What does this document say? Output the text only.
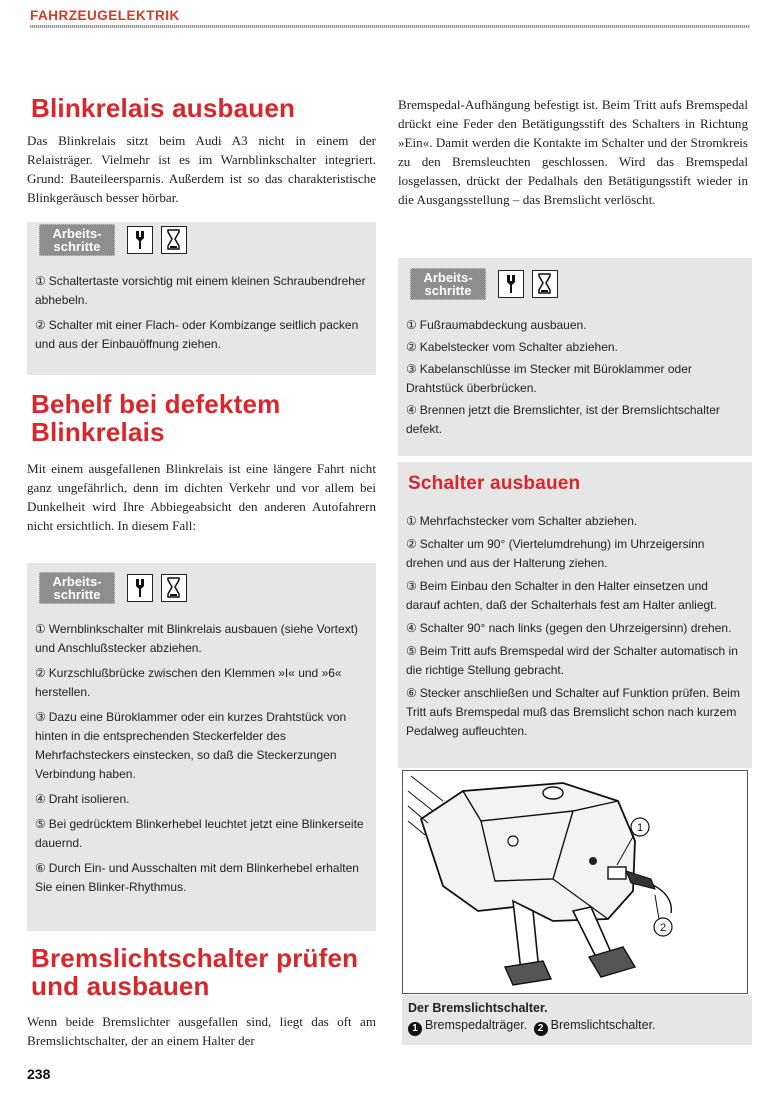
FAHRZEUGELEKTRIK
Blinkrelais ausbauen

Das Blinkrelais sitzt beim Audi A3 nicht in einem der Relaisträger. Vielmehr ist es im Warnblinkschalter integriert. Grund: Bauteileersparnis. Außerdem ist so das charakteristische Blinkgeräusch besser hörbar.

Arbeits-
schritte

① Schaltertaste vorsichtig mit einem kleinen Schraubendreher abhebeln.

② Schalter mit einer Flach- oder Kombizange seitlich packen und aus der Einbauöffnung ziehen.

Behelf bei defektem
Blinkrelais

Mit einem ausgefallenen Blinkrelais ist eine längere Fahrt nicht ganz ungefährlich, denn im dichten Verkehr und vor allem bei Dunkelheit wird Ihre Abbiegeabsicht den anderen Autofahrern nicht ersichtlich. In diesem Fall:

Arbeits-
schritte

① Wernblinkschalter mit Blinkrelais ausbauen (siehe Vortext) und Anschlußstecker abziehen.

② Kurzschlußbrücke zwischen den Klemmen »I« und »6« herstellen.

③ Dazu eine Büroklammer oder ein kurzes Drahtstück von hinten in die entsprechenden Steckerfelder des Mehrfachsteckers einstecken, so daß die Steckerzungen Verbindung haben.

④ Draht isolieren.

⑤ Bei gedrücktem Blinkerhebel leuchtet jetzt eine Blinkerseite dauernd.

⑥ Durch Ein- und Ausschalten mit dem Blinkerhebel erhalten Sie einen Blinker-Rhythmus.

Bremslichtschalter prüfen
und ausbauen

Wenn beide Bremslichter ausgefallen sind, liegt das oft am Bremslichtschalter, der an einem Halter der

Bremspedal-Aufhängung befestigt ist. Beim Tritt aufs Bremspedal drückt eine Feder den Betätigungsstift des Schalters in Richtung »Ein«. Damit werden die Kontakte im Schalter und der Stromkreis zu den Bremsleuchten geschlossen. Wird das Bremspedal losgelassen, drückt der Pedalhals den Betätigungsstift wieder in die Ausgangsstellung – das Bremslicht verlöscht.

Arbeits-
schritte

① Fußraumabdeckung ausbauen.

② Kabelstecker vom Schalter abziehen.

③ Kabelanschlüsse im Stecker mit Büroklammer oder Drahtstück überbrücken.

④ Brennen jetzt die Bremslichter, ist der Bremslichtschalter defekt.

Schalter ausbauen

① Mehrfachstecker vom Schalter abziehen.

② Schalter um 90° (Viertelumdrehung) im Uhrzeigersinn drehen und aus der Halterung ziehen.

③ Beim Einbau den Schalter in den Halter einsetzen und darauf achten, daß der Schalterhals fest am Halter anliegt.

④ Schalter 90° nach links (gegen den Uhrzeigersinn) drehen.

⑤ Beim Tritt aufs Bremspedal wird der Schalter automatisch in die richtige Stellung gebracht.

⑥ Stecker anschließen und Schalter auf Funktion prüfen. Beim Tritt aufs Bremspedal muß das Bremslicht schon nach kurzem Pedalweg aufleuchten.

1
2

Der Bremslichtschalter.

1 Bremspedalträger. 2 Bremslichtschalter.

238
